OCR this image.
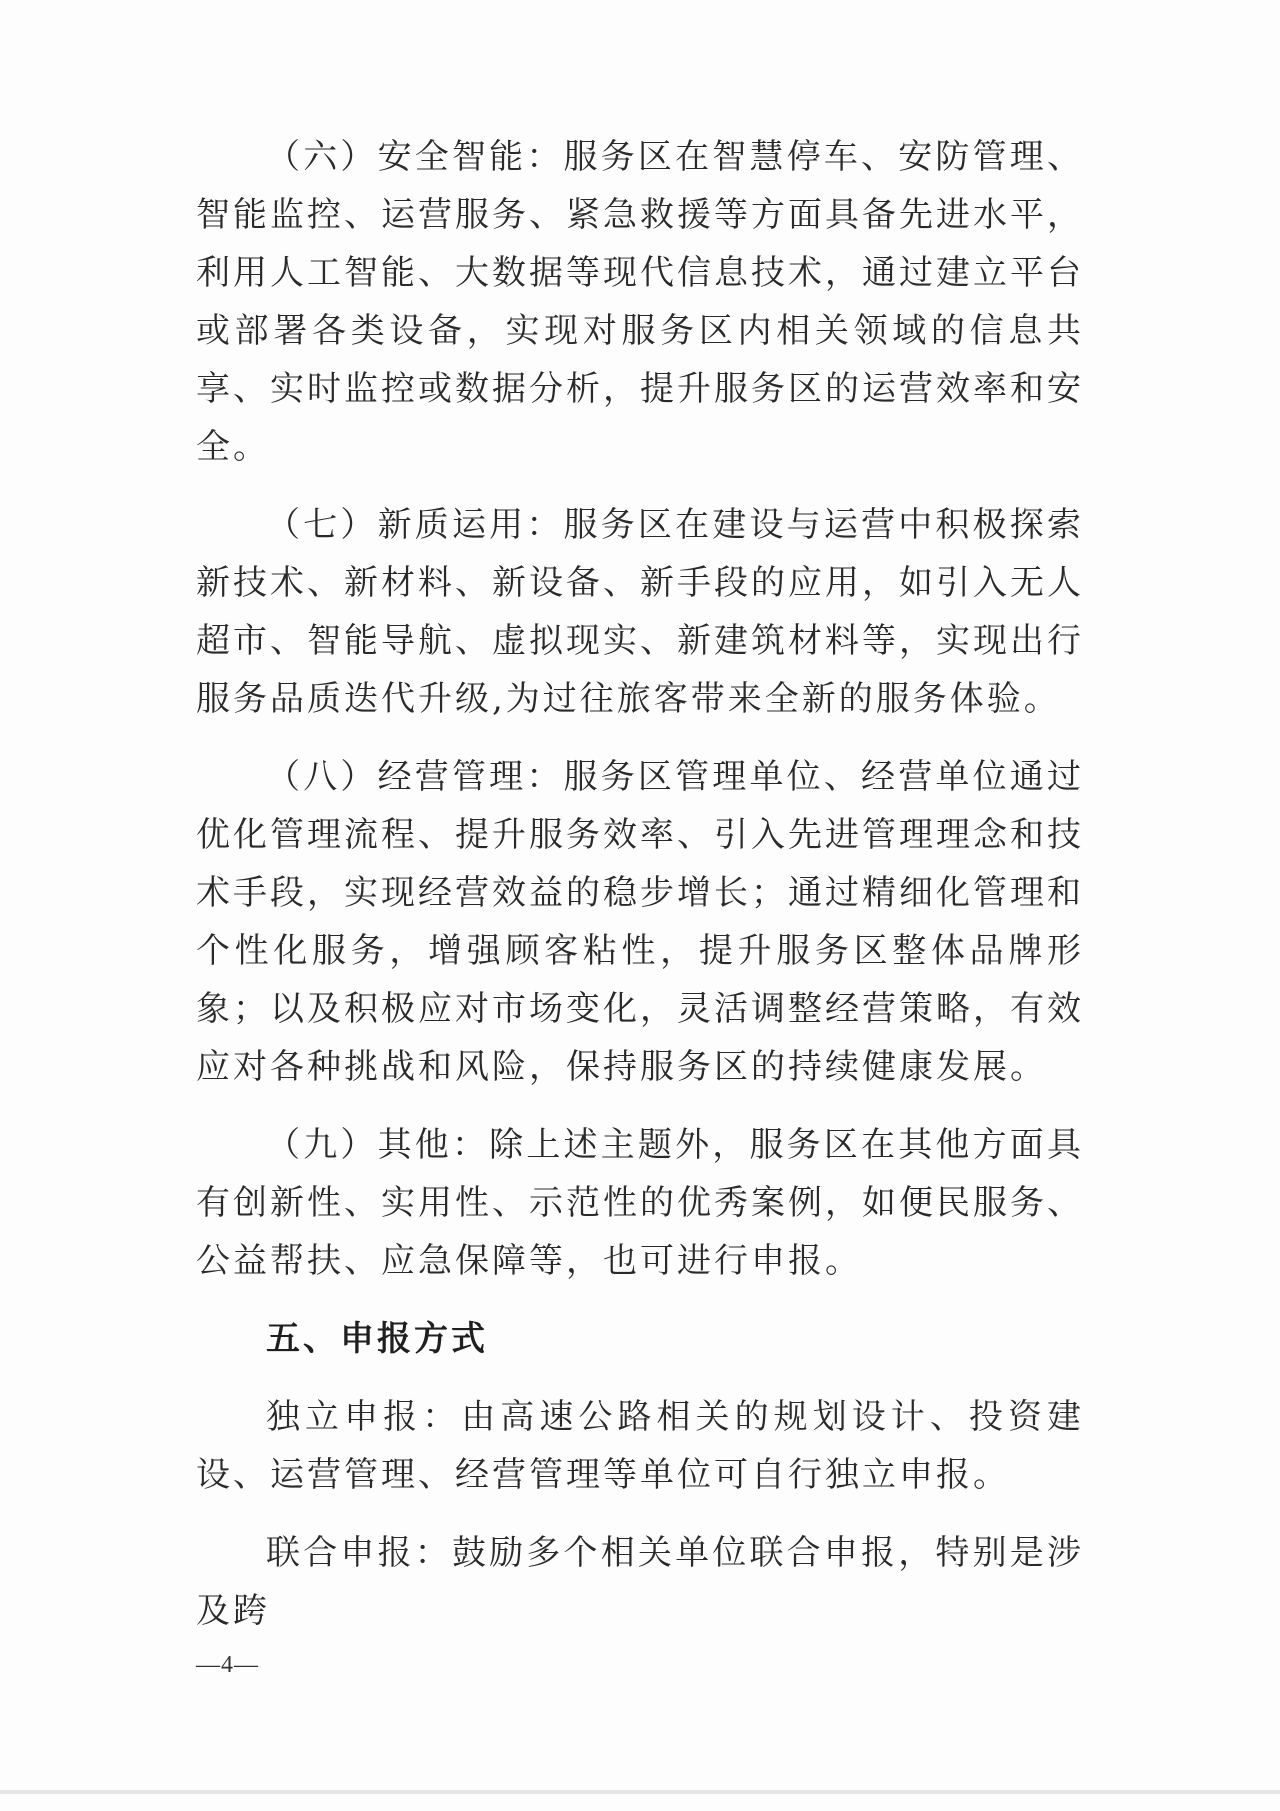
（六）安全智能：服务区在智慧停车、安防管理、智能监控、运营服务、紧急救援等方面具备先进水平，利用人工智能、大数据等现代信息技术，通过建立平台或部署各类设备，实现对服务区内相关领域的信息共享、实时监控或数据分析，提升服务区的运营效率和安全。

（七）新质运用：服务区在建设与运营中积极探索新技术、新材料、新设备、新手段的应用，如引入无人超市、智能导航、虚拟现实、新建筑材料等，实现出行服务品质迭代升级,为过往旅客带来全新的服务体验。

（八）经营管理：服务区管理单位、经营单位通过优化管理流程、提升服务效率、引入先进管理理念和技术手段，实现经营效益的稳步增长；通过精细化管理和个性化服务，增强顾客粘性，提升服务区整体品牌形象；以及积极应对市场变化，灵活调整经营策略，有效应对各种挑战和风险，保持服务区的持续健康发展。

（九）其他：除上述主题外，服务区在其他方面具有创新性、实用性、示范性的优秀案例，如便民服务、公益帮扶、应急保障等，也可进行申报。

五、申报方式

独立申报：由高速公路相关的规划设计、投资建设、运营管理、经营管理等单位可自行独立申报。

联合申报：鼓励多个相关单位联合申报，特别是涉及跨

—4—
